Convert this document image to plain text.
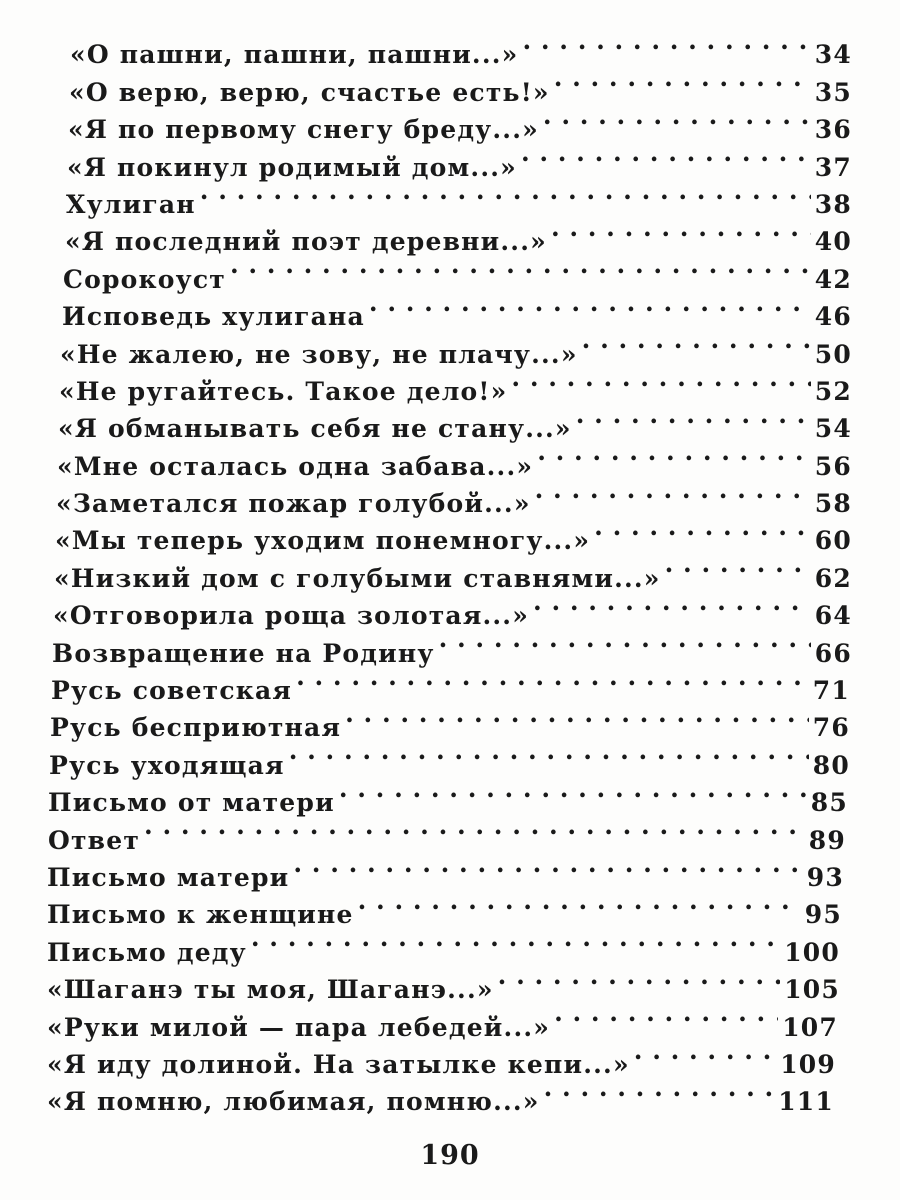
«О пашни, пашни, пашни...» . . .	34
«О верю, верю, счастье есть!» . . .	35
«Я по первому снегу бреду...» . . .	36
«Я покинул родимый дом...» . . .	37
Хулиган . . .	38
«Я последний поэт деревни...» . . .	40
Сорокоуст . . .	42
Исповедь хулигана . . .	46
«Не жалею, не зову, не плачу...» . . .	50
«Не ругайтесь. Такое дело!» . . .	52
«Я обманывать себя не стану...» . . .	54
«Мне осталась одна забава...» . . .	56
«Заметался пожар голубой...» . . .	58
«Мы теперь уходим понемногу...» . . .	60
«Низкий дом с голубыми ставнями...» . . .	62
«Отговорила роща золотая...» . . .	64
Возвращение на Родину . . .	66
Русь советская . . .	71
Русь бесприютная . . .	76
Русь уходящая . . .	80
Письмо от матери . . .	85
Ответ . . .	89
Письмо матери . . .	93
Письмо к женщине . . .	95
Письмо деду . . .	100
«Шаганэ ты моя, Шаганэ...» . . .	105
«Руки милой — пара лебедей...» . . .	107
«Я иду долиной. На затылке кепи...» . . .	109
«Я помню, любимая, помню...» . . .	111
190
